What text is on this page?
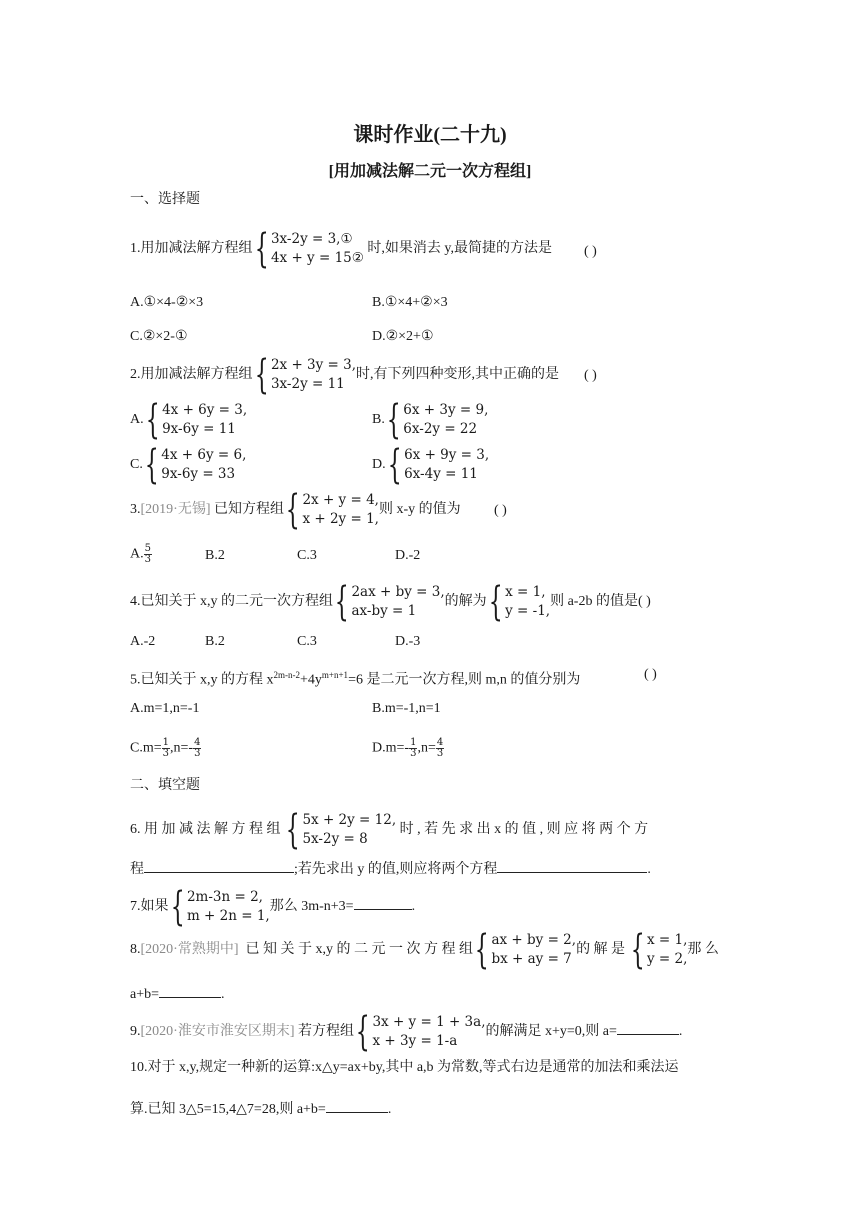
课时作业(二十九)
[用加减法解二元一次方程组]
一、选择题
1.用加减法解方程组 { 3x-2y = 3,①
4x + y = 15②
时,如果消去 y,最简捷的方法是 ( )
A.①×4-②×3	B.①×4+②×3
C.②×2-①	D.②×2+①
2.用加减法解方程组 { 2x + 3y = 3,
3x-2y = 11
时,有下列四种变形,其中正确的是 ( )
A. { 4x + 6y = 3,
9x-6y = 11
B. { 6x + 3y = 9,
6x-2y = 22
C. { 4x + 6y = 6,
9x-6y = 33
D. { 6x + 9y = 3,
6x-4y = 11
3.[2019·无锡] 已知方程组 { 2x + y = 4,
x + 2y = 1,
则 x-y 的值为 ( )
A. $\frac{5}{3}$	B.2	C.3	D.-2
4.已知关于 x,y 的二元一次方程组 { 2ax + by = 3,
ax-by = 1
的解为 { x = 1,
y = -1,
则 a-2b 的值是( )
A.-2	B.2	C.3	D.-3
5.已知关于 x,y 的方程 $x^{2m-n-2}+4y^{m+n+1}=6$ 是二元一次方程,则 m,n 的值分别为	( )
A.m=1,n=-1	B.m=-1,n=1
$C.m= \frac{1}{3} ,n=- \frac{4}{3}$	$D.m=- \frac{1}{3} ,n= \frac{4}{3}$
二、填空题
6. 用 加 减 法 解 方 程 组 { 5x + 2y = 12,
5x-2y = 8
时 , 若 先 求 出 x 的 值 , 则 应 将 两 个 方
程	;若先求出 y 的值,则应将两个方程	.
7.如果 { 2m-3n = 2,
m + 2n = 1,
那么 3m-n+3=	.
8.[2020·常熟期中] 已 知 关 于 x,y 的 二 元 一 次 方 程 组 { ax + by = 2,
bx + ay = 7
的 解 是 { x = 1,
y = 2,
那 么
a+b=	.
9.[2020·淮安市淮安区期末] 若方程组 { 3x + y = 1 + 3a,
x + 3y = 1-a
的解满足 x+y=0,则 a=	.
10.对于 x,y,规定一种新的运算:x△y=ax+by,其中 a,b 为常数,等式右边是通常的加法和乘法运
算.已知 3△5=15,4△7=28,则 a+b=	.
